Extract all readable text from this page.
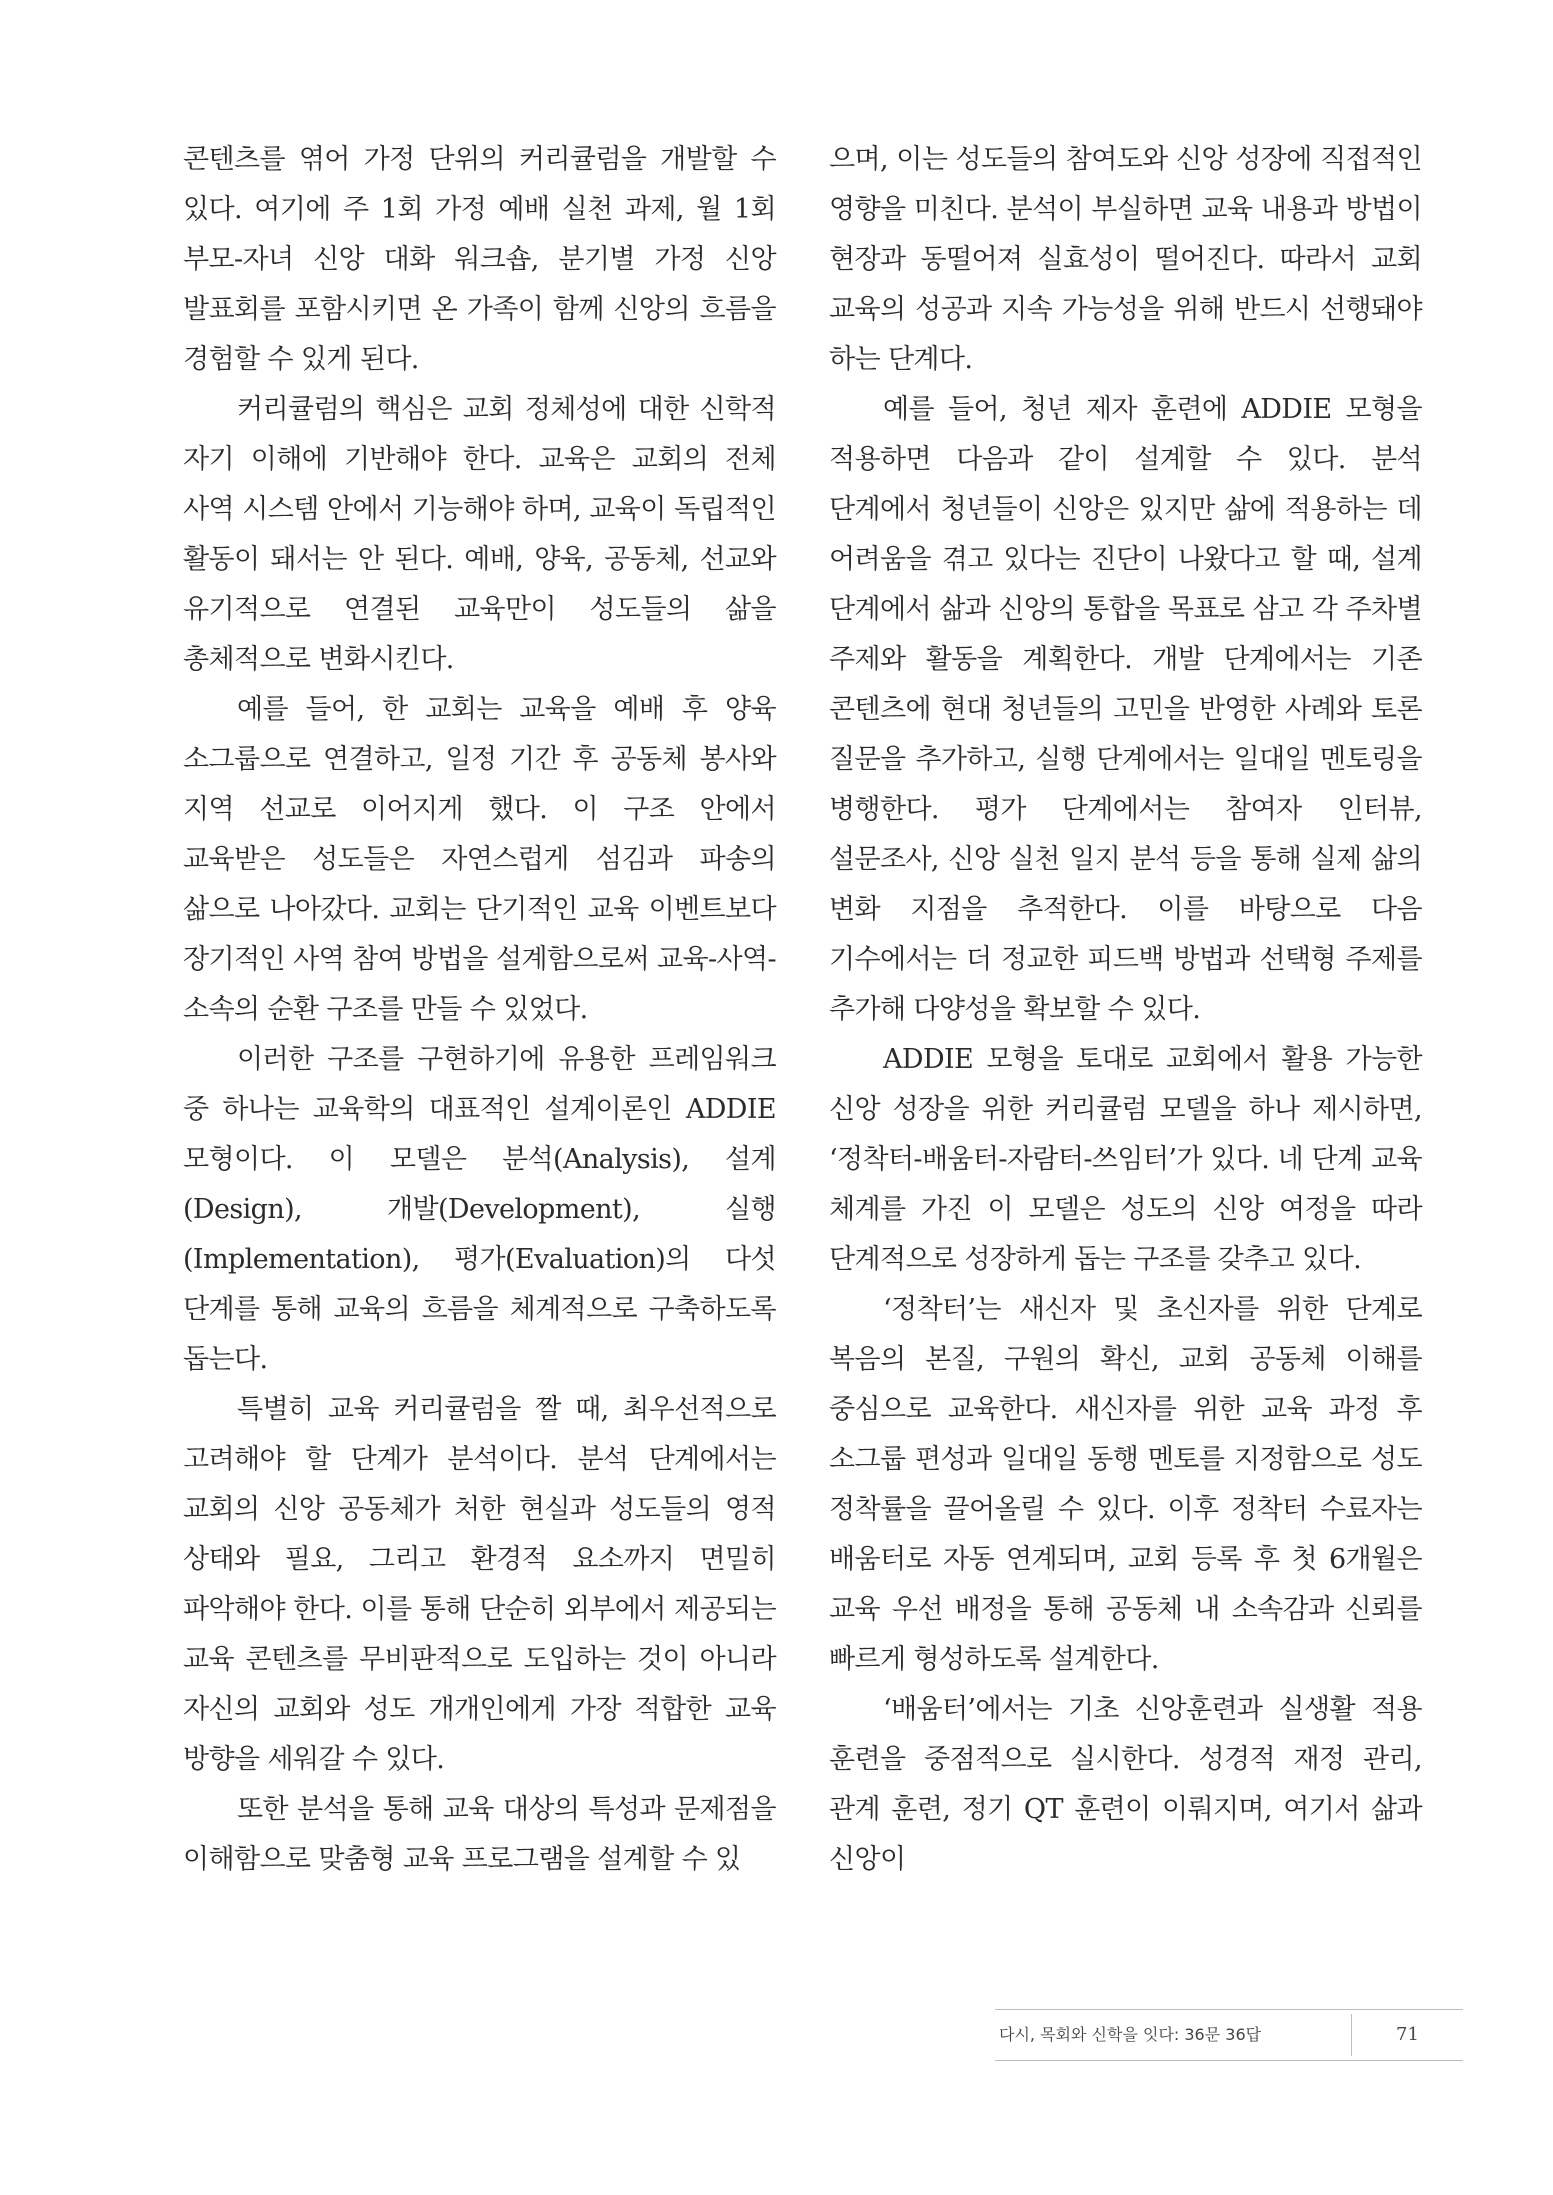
콘텐츠를 엮어 가정 단위의 커리큘럼을 개발할 수 있다. 여기에 주 1회 가정 예배 실천 과제, 월 1회 부모-자녀 신앙 대화 워크숍, 분기별 가정 신앙 발표회를 포함시키면 온 가족이 함께 신앙의 흐름을 경험할 수 있게 된다.

커리큘럼의 핵심은 교회 정체성에 대한 신학적 자기 이해에 기반해야 한다. 교육은 교회의 전체 사역 시스템 안에서 기능해야 하며, 교육이 독립적인 활동이 돼서는 안 된다. 예배, 양육, 공동체, 선교와 유기적으로 연결된 교육만이 성도들의 삶을 총체적으로 변화시킨다.

예를 들어, 한 교회는 교육을 예배 후 양육 소그룹으로 연결하고, 일정 기간 후 공동체 봉사와 지역 선교로 이어지게 했다. 이 구조 안에서 교육받은 성도들은 자연스럽게 섬김과 파송의 삶으로 나아갔다. 교회는 단기적인 교육 이벤트보다 장기적인 사역 참여 방법을 설계함으로써 교육-사역-소속의 순환 구조를 만들 수 있었다.

이러한 구조를 구현하기에 유용한 프레임워크 중 하나는 교육학의 대표적인 설계이론인 ADDIE 모형이다. 이 모델은 분석(Analysis), 설계(Design), 개발(Development), 실행(Implementation), 평가(Evaluation)의 다섯 단계를 통해 교육의 흐름을 체계적으로 구축하도록 돕는다.

특별히 교육 커리큘럼을 짤 때, 최우선적으로 고려해야 할 단계가 분석이다. 분석 단계에서는 교회의 신앙 공동체가 처한 현실과 성도들의 영적 상태와 필요, 그리고 환경적 요소까지 면밀히 파악해야 한다. 이를 통해 단순히 외부에서 제공되는 교육 콘텐츠를 무비판적으로 도입하는 것이 아니라 자신의 교회와 성도 개개인에게 가장 적합한 교육 방향을 세워갈 수 있다.

또한 분석을 통해 교육 대상의 특성과 문제점을 이해함으로 맞춤형 교육 프로그램을 설계할 수 있

으며, 이는 성도들의 참여도와 신앙 성장에 직접적인 영향을 미친다. 분석이 부실하면 교육 내용과 방법이 현장과 동떨어져 실효성이 떨어진다. 따라서 교회 교육의 성공과 지속 가능성을 위해 반드시 선행돼야 하는 단계다.

예를 들어, 청년 제자 훈련에 ADDIE 모형을 적용하면 다음과 같이 설계할 수 있다. 분석 단계에서 청년들이 신앙은 있지만 삶에 적용하는 데 어려움을 겪고 있다는 진단이 나왔다고 할 때, 설계 단계에서 삶과 신앙의 통합을 목표로 삼고 각 주차별 주제와 활동을 계획한다. 개발 단계에서는 기존 콘텐츠에 현대 청년들의 고민을 반영한 사례와 토론 질문을 추가하고, 실행 단계에서는 일대일 멘토링을 병행한다. 평가 단계에서는 참여자 인터뷰, 설문조사, 신앙 실천 일지 분석 등을 통해 실제 삶의 변화 지점을 추적한다. 이를 바탕으로 다음 기수에서는 더 정교한 피드백 방법과 선택형 주제를 추가해 다양성을 확보할 수 있다.

ADDIE 모형을 토대로 교회에서 활용 가능한 신앙 성장을 위한 커리큘럼 모델을 하나 제시하면, ‘정착터-배움터-자람터-쓰임터’가 있다. 네 단계 교육 체계를 가진 이 모델은 성도의 신앙 여정을 따라 단계적으로 성장하게 돕는 구조를 갖추고 있다.

‘정착터’는 새신자 및 초신자를 위한 단계로 복음의 본질, 구원의 확신, 교회 공동체 이해를 중심으로 교육한다. 새신자를 위한 교육 과정 후 소그룹 편성과 일대일 동행 멘토를 지정함으로 성도 정착률을 끌어올릴 수 있다. 이후 정착터 수료자는 배움터로 자동 연계되며, 교회 등록 후 첫 6개월은 교육 우선 배정을 통해 공동체 내 소속감과 신뢰를 빠르게 형성하도록 설계한다.

‘배움터’에서는 기초 신앙훈련과 실생활 적용 훈련을 중점적으로 실시한다. 성경적 재정 관리, 관계 훈련, 정기 QT 훈련이 이뤄지며, 여기서 삶과 신앙이

다시, 목회와 신학을 잇다: 36문 36답	71
